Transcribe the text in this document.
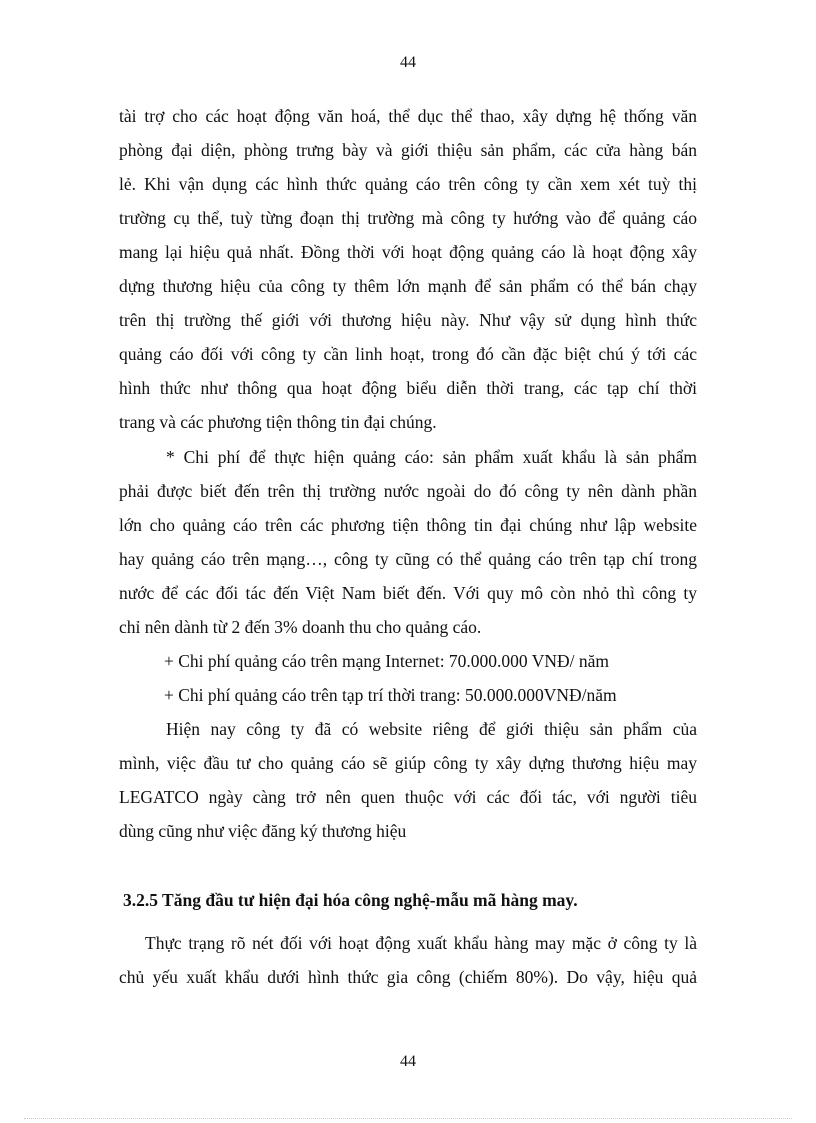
44
tài trợ cho các hoạt động văn hoá, thể dục thể thao, xây dựng hệ thống văn
phòng đại diện, phòng trưng bày và giới thiệu sản phẩm, các cửa hàng bán
lẻ. Khi vận dụng các hình thức quảng cáo trên công ty cần xem xét tuỳ thị
trường cụ thể, tuỳ từng đoạn thị trường mà công ty hướng vào để quảng cáo
mang lại hiệu quả nhất. Đồng thời với hoạt động quảng cáo là hoạt động xây
dựng thương hiệu của công ty thêm lớn mạnh để sản phẩm có thể bán chạy
trên thị trường thế giới với thương hiệu này. Như vậy sử dụng hình thức
quảng cáo đối với công ty cần linh hoạt, trong đó cần đặc biệt chú ý tới các
hình thức như thông qua hoạt động biểu diễn thời trang, các tạp chí thời
trang và các phương tiện thông tin đại chúng.
* Chi phí để thực hiện quảng cáo: sản phẩm xuất khẩu là sản phẩm
phải được biết đến trên thị trường nước ngoài do đó công ty nên dành phần
lớn cho quảng cáo trên các phương tiện thông tin đại chúng như lập website
hay quảng cáo trên mạng…, công ty cũng có thể quảng cáo trên tạp chí trong
nước để các đối tác đến Việt Nam biết đến. Với quy mô còn nhỏ thì công ty
chỉ nên dành từ 2 đến 3% doanh thu cho quảng cáo.
+ Chi phí quảng cáo trên mạng Internet: 70.000.000 VNĐ/ năm
+ Chi phí quảng cáo trên tạp trí thời trang: 50.000.000VNĐ/năm
Hiện nay công ty đã có website riêng để giới thiệu sản phẩm của
mình, việc đầu tư cho quảng cáo sẽ giúp công ty xây dựng thương hiệu may
LEGATCO ngày càng trở nên quen thuộc với các đối tác, với người tiêu
dùng cũng như việc đăng ký thương hiệu
3.2.5 Tăng đầu tư hiện đại hóa công nghệ-mẫu mã hàng may.
Thực trạng rõ nét đối với hoạt động xuất khẩu hàng may mặc ở công ty là
chủ yếu xuất khẩu dưới hình thức gia công (chiếm 80%). Do vậy, hiệu quả
44
